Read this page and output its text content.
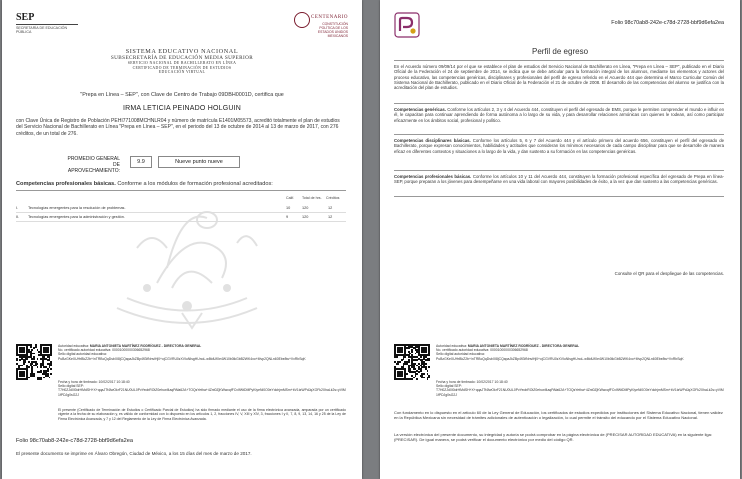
SEP
SECRETARÍA DE EDUCACIÓN PÚBLICA
CENTENARIO
CONSTITUCIÓN POLÍTICA DE LOS ESTADOS UNIDOS MEXICANOS
SISTEMA EDUCATIVO NACIONAL
SUBSECRETARÍA DE EDUCACIÓN MEDIA SUPERIOR
SERVICIO NACIONAL DE BACHILLERATO EN LÍNEA
CERTIFICADO DE TERMINACIÓN DE ESTUDIOS
EDUCACIÓN VIRTUAL
"Prepa en Línea – SEP", con Clave de Centro de Trabajo 09DBH0001D, certifica que
IRMA LETICIA PEINADO HOLGUIN
con Clave Única de Registro de Población PEHI771008MCHNLR04 y número de matrícula E1401M05573, acreditó totalmente el plan de estudios del Servicio Nacional de Bachillerato en Línea "Prepa en Línea – SEP", en el periodo del 13 de octubre de 2014 al 13 de marzo de 2017, con 276 créditos, de un total de 276.
PROMEDIO GENERAL
DE APROVECHAMIENTO:
9.9	Nueve punto nueve
Competencias profesionales básicas. Conforme a los módulos de formación profesional acreditados:
Calif. Total de hrs. Créditos
I.	Tecnologías emergentes para la resolución de problemas.	10	120	12
II. Tecnologías emergentes para la administración y gestión.	9	120	12
Autoridad educativa: MARIA ANTONIETA MARTÍNEZ RODRÍGUEZ - DIRECTORA GENERAL
No. certificado autoridad educativa: 00001000000306652968
Sello digital autoridad educativa:
PuBzGKeXUHrBkZ2b+/nTRBcQqDsbXI8jCQapaJkZBp4fGifNnvlHj0+ojCGVRU0zXVIuNIsgHUnoL.w8tdUfXe4W10b0ikGbB2WK4xo+Mvp2QNLn60Ebe8w+VxRbSqK
Fecha y hora de timbrado: 10/02/2017 10:18:40
Sello digital SEP:
T7H0ZJd0I0drHMdSH+X+qqaJTf4fwOkrF21NU0UL0PvYeobROtZ0ehuxf4aqPAfa62A+TOQsYetha+4Znt0ZjKWwcqfFCvIfWtDMPyKIyeNi0O0eYdchjmMSm+bV1tzWPdJqXOFk2XhaLk2s=yVIM1fPDJg0sG2J
El presente (Certificado de Terminación de Estudios o Certificado Parcial de Estudios) ha sido firmado mediante el uso de la firma electrónica avanzada, amparada por un certificado vigente a la fecha de su elaboración y, es válido de conformidad con lo dispuesto en los artículos 1, 2, fracciones IV, V, XIII y XIV, 3, fracciones I y II, 7, 8, 9, 13, 14, 16 y 25 de la Ley de Firma Electrónica Avanzada, y 7 y 12 del Reglamento de la Ley de Firma Electrónica Avanzada.
Folio 98c70ab8-242e-c78d-2728-bbf9d6efa2ea
El presente documento se imprime en Álvaro Obregón, Ciudad de México, a los 15 días del mes de marzo de 2017.
Folio 98c70ab8-242e-c78d-2728-bbf9d6efa2ea
Perfil de egreso
En el Acuerdo número 09/09/14 por el que se establece el plan de estudios del Servicio Nacional de Bachillerato en Línea, "Prepa en Línea – SEP", publicado en el Diario Oficial de la Federación el 24 de septiembre de 2014, se indica que se debe articular para la formación integral de los alumnos, mediante los elementos y actores del proceso educativo, las competencias genéricas, disciplinares y profesionales del perfil de egreso referido en el Acuerdo 444 que determina el Marco Curricular Común del Sistema Nacional de Bachillerato, publicado en el Diario Oficial de la Federación el 21 de octubre de 2008. El desarrollo de las competencias del alumno se justifica con la acreditación del plan de estudios.
Competencias genéricas. Conforme los artículos 2, 3 y 4 del Acuerdo 444, constituyen el perfil del egresado de EMS, porque le permiten comprender el mundo e influir en él, le capacitan para continuar aprendiendo de forma autónoma a lo largo de su vida, y para desarrollar relaciones armónicas con quienes le rodean, así como participar eficazmente en los ámbitos social, profesional y político.
Competencias disciplinares básicas. Conforme los artículos 5, 6 y 7 del Acuerdo 444 y el artículo primero del acuerdo 656, constituyen el perfil del egresado de Bachillerato, porque expresan conocimientos, habilidades y actitudes que consideran los mínimos necesarios de cada campo disciplinar para que se desarrolle de manera eficaz en diferentes contextos y situaciones a lo largo de la vida, y dan sustento a su formación en las competencias genéricas.
Competencias profesionales básicas. Conforme los artículos 10 y 11 del Acuerdo 444, constituyen la formación profesional específica del egresado de Prepa en línea-SEP, porque preparan a los jóvenes para desempeñarse en una vida laboral con mayores posibilidades de éxito, a la vez que dan sustento a las competencias genéricas.
Consulte el QR para el despliegue de las competencias.
Autoridad educativa: MARIA ANTONIETA MARTÍNEZ RODRÍGUEZ - DIRECTORA GENERAL
No. certificado autoridad educativa: 00001000000306652968
Sello digital autoridad educativa:
PuBzGKeXUHrBkZ2b+/nTRBcQqDsbXI8jCQapaJkZBp4fGifNnvlHj0+ojCGVRU0zXVIuNIsgHUnoL.w8tdUfXe4W10b0ikGbB2WK4xo+Mvp2QNLn60Ebe8w+VxRbSqK
Fecha y hora de timbrado: 10/02/2017 10:18:40
Sello digital SEP:
T7H0ZJd0I0drHMdSH+X+qqaJTf4fwOkrF21NU0UL0PvYeobROtZ0ehuxf4aqPAfa62A+TOQsYetha+4Znt0ZjKWwcqfFCvIfWtDMPyKIyeNi0O0eYdchjmMSm+bV1tzWPdJqXOFk2XhaLk2s=yVIM1fPDJg0sG2J
Con fundamento en lo dispuesto en el artículo 60 de la Ley General de Educación, los certificados de estudios expedidos por instituciones del Sistema Educativo Nacional, tienen validez en la República Mexicana sin necesidad de trámites adicionales de autenticación o legalización, lo cual permite el tránsito del educando por el Sistema Educativo Nacional.
La versión electrónica del presente documento, su integridad y autoría se podrá comprobar en la página electrónica de (PRECISAR AUTORIDAD EDUCATIVA) en la siguiente liga: (PRECISAR). De igual manera, se podrá verificar el documento electrónico por medio del código QR.
